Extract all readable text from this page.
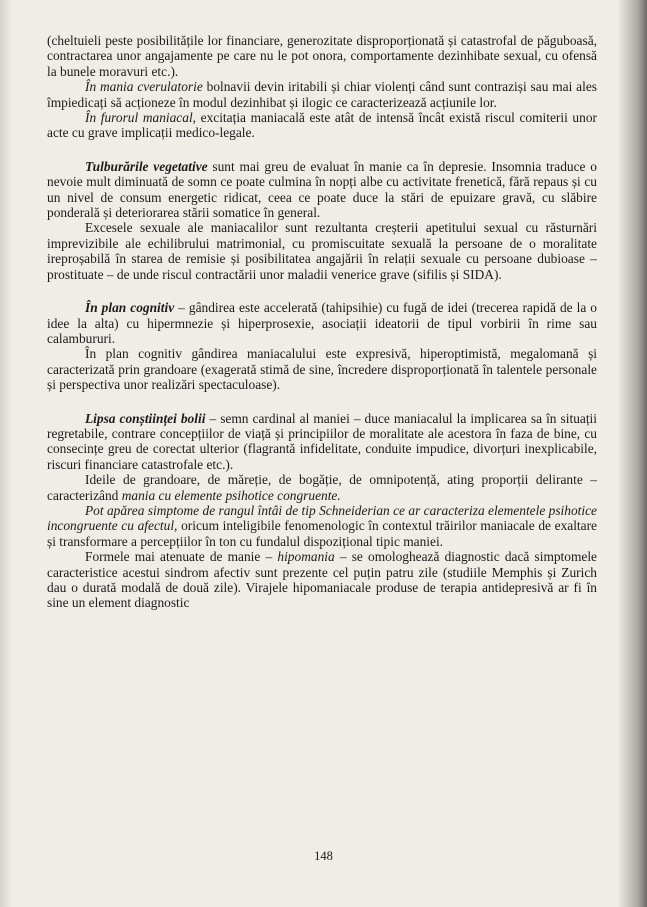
(cheltuieli peste posibilitățile lor financiare, generozitate disproporționată și catastrofal de păguboasă, contractarea unor angajamente pe care nu le pot onora, comportamente dezinhibate sexual, cu ofensă la bunele moravuri etc.).

În mania cverulatorie bolnavii devin iritabili și chiar violenți când sunt contraziși sau mai ales împiedicați să acționeze în modul dezinhibat și ilogic ce caracterizează acțiunile lor.

În furorul maniacal, excitația maniacală este atât de intensă încât există riscul comiterii unor acte cu grave implicații medico-legale.

Tulburările vegetative sunt mai greu de evaluat în manie ca în depresie. Insomnia traduce o nevoie mult diminuată de somn ce poate culmina în nopți albe cu activitate frenetică, fără repaus și cu un nivel de consum energetic ridicat, ceea ce poate duce la stări de epuizare gravă, cu slăbire ponderală și deteriorarea stării somatice în general.

Excesele sexuale ale maniacalilor sunt rezultanta creșterii apetitului sexual cu răsturnări imprevizibile ale echilibrului matrimonial, cu promiscuitate sexuală la persoane de o moralitate ireproșabilă în starea de remisie și posibilitatea angajării în relații sexuale cu persoane dubioase – prostituate – de unde riscul contractării unor maladii venerice grave (sifilis și SIDA).

În plan cognitiv – gândirea este accelerată (tahipsihie) cu fugă de idei (trecerea rapidă de la o idee la alta) cu hipermnezie și hiperprosexie, asociații ideatorii de tipul vorbirii în rime sau calambururi.

În plan cognitiv gândirea maniacalului este expresivă, hiperoptimistă, megalomană și caracterizată prin grandoare (exagerată stimă de sine, încredere disproporționată în talentele personale și perspectiva unor realizări spectaculoase).

Lipsa conștiinței bolii – semn cardinal al maniei – duce maniacalul la implicarea sa în situații regretabile, contrare concepțiilor de viață și principiilor de moralitate ale acestora în faza de bine, cu consecințe greu de corectat ulterior (flagrantă infidelitate, conduite impudice, divorțuri inexplicabile, riscuri financiare catastrofale etc.).

Ideile de grandoare, de măreție, de bogăție, de omnipotență, ating proporții delirante – caracterizând mania cu elemente psihotice congruente.

Pot apărea simptome de rangul întâi de tip Schneiderian ce ar caracteriza elementele psihotice incongruente cu afectul, oricum inteligibile fenomenologic în contextul trăirilor maniacale de exaltare și transformare a percepțiilor în ton cu fundalul dispozițional tipic maniei.

Formele mai atenuate de manie – hipomania – se omologhează diagnostic dacă simptomele caracteristice acestui sindrom afectiv sunt prezente cel puțin patru zile (studiile Memphis și Zurich dau o durată modală de două zile). Virajele hipomaniacale produse de terapia antidepresivă ar fi în sine un element diagnostic

148
